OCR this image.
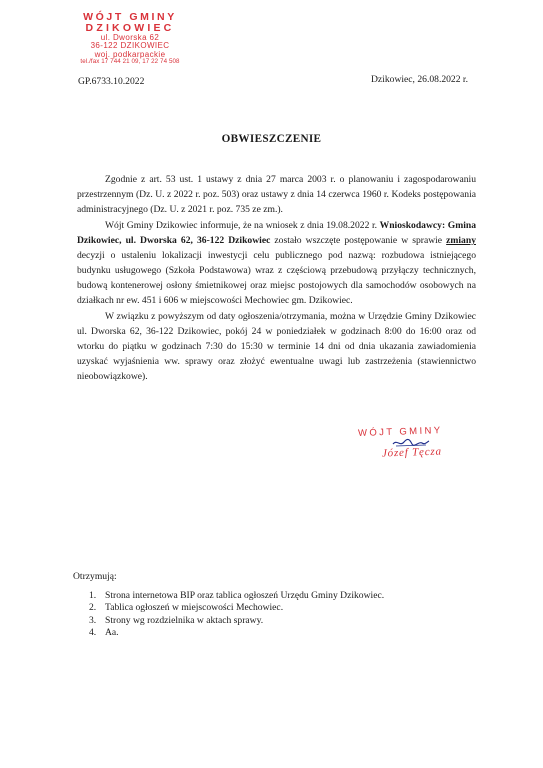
WÓJT GMINY
DZIKOWIEC
ul. Dworska 62
36-122 DZIKOWIEC
woj. podkarpackie
tel./fax 17 744 21 09, 17 22 74 508
GP.6733.10.2022	Dzikowiec, 26.08.2022 r.
OBWIESZCZENIE

Zgodnie z art. 53 ust. 1 ustawy z dnia 27 marca 2003 r. o planowaniu i zagospodarowaniu przestrzennym (Dz. U. z 2022 r. poz. 503) oraz ustawy z dnia 14 czerwca 1960 r. Kodeks postępowania administracyjnego (Dz. U. z 2021 r. poz. 735 ze zm.).

Wójt Gminy Dzikowiec informuje, że na wniosek z dnia 19.08.2022 r. Wnioskodawcy: Gmina Dzikowiec, ul. Dworska 62, 36-122 Dzikowiec zostało wszczęte postępowanie w sprawie zmiany decyzji o ustaleniu lokalizacji inwestycji celu publicznego pod nazwą: rozbudowa istniejącego budynku usługowego (Szkoła Podstawowa) wraz z częściową przebudową przyłączy technicznych, budową kontenerowej osłony śmietnikowej oraz miejsc postojowych dla samochodów osobowych na działkach nr ew. 451 i 606 w miejscowości Mechowiec gm. Dzikowiec.

W związku z powyższym od daty ogłoszenia/otrzymania, można w Urzędzie Gminy Dzikowiec ul. Dworska 62, 36-122 Dzikowiec, pokój 24 w poniedziałek w godzinach 8:00 do 16:00 oraz od wtorku do piątku w godzinach 7:30 do 15:30 w terminie 14 dni od dnia ukazania zawiadomienia uzyskać wyjaśnienia ww. sprawy oraz złożyć ewentualne uwagi lub zastrzeżenia (stawiennictwo nieobowiązkowe).

WÓJT GMINY
Józef Tęcza
Otrzymują:
1. Strona internetowa BIP oraz tablica ogłoszeń Urzędu Gminy Dzikowiec.
2. Tablica ogłoszeń w miejscowości Mechowiec.
3. Strony wg rozdzielnika w aktach sprawy.
4. Aa.
